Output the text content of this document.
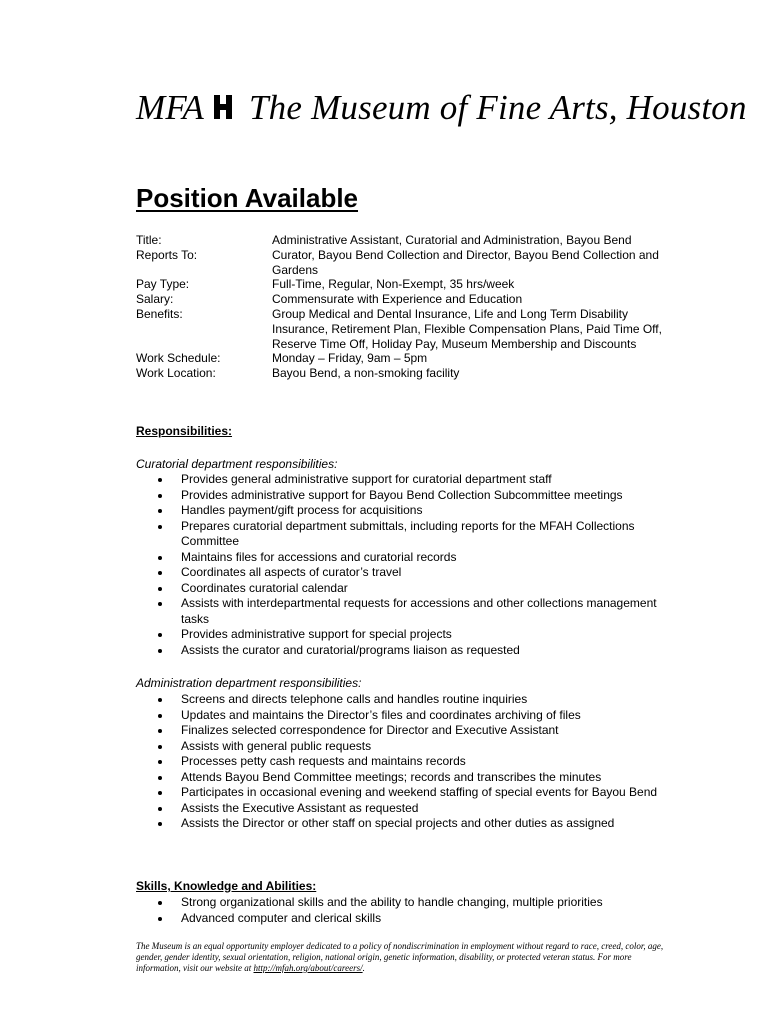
MFA The Museum of Fine Arts, Houston
Position Available
Title:	Administrative Assistant, Curatorial and Administration, Bayou Bend
Reports To:	Curator, Bayou Bend Collection and Director, Bayou Bend Collection and Gardens
Pay Type:	Full-Time, Regular, Non-Exempt, 35 hrs/week
Salary:	Commensurate with Experience and Education
Benefits:	Group Medical and Dental Insurance, Life and Long Term Disability Insurance, Retirement Plan, Flexible Compensation Plans, Paid Time Off, Reserve Time Off, Holiday Pay, Museum Membership and Discounts
Work Schedule:	Monday – Friday, 9am – 5pm
Work Location:	Bayou Bend, a non-smoking facility
Responsibilities:
Curatorial department responsibilities:
Provides general administrative support for curatorial department staff
Provides administrative support for Bayou Bend Collection Subcommittee meetings
Handles payment/gift process for acquisitions
Prepares curatorial department submittals, including reports for the MFAH Collections Committee
Maintains files for accessions and curatorial records
Coordinates all aspects of curator’s travel
Coordinates curatorial calendar
Assists with interdepartmental requests for accessions and other collections management tasks
Provides administrative support for special projects
Assists the curator and curatorial/programs liaison as requested
Administration department responsibilities:
Screens and directs telephone calls and handles routine inquiries
Updates and maintains the Director’s files and coordinates archiving of files
Finalizes selected correspondence for Director and Executive Assistant
Assists with general public requests
Processes petty cash requests and maintains records
Attends Bayou Bend Committee meetings; records and transcribes the minutes
Participates in occasional evening and weekend staffing of special events for Bayou Bend
Assists the Executive Assistant as requested
Assists the Director or other staff on special projects and other duties as assigned
Skills, Knowledge and Abilities:
Strong organizational skills and the ability to handle changing, multiple priorities
Advanced computer and clerical skills
The Museum is an equal opportunity employer dedicated to a policy of nondiscrimination in employment without regard to race, creed, color, age, gender, gender identity, sexual orientation, religion, national origin, genetic information, disability, or protected veteran status. For more information, visit our website at http://mfah.org/about/careers/.
